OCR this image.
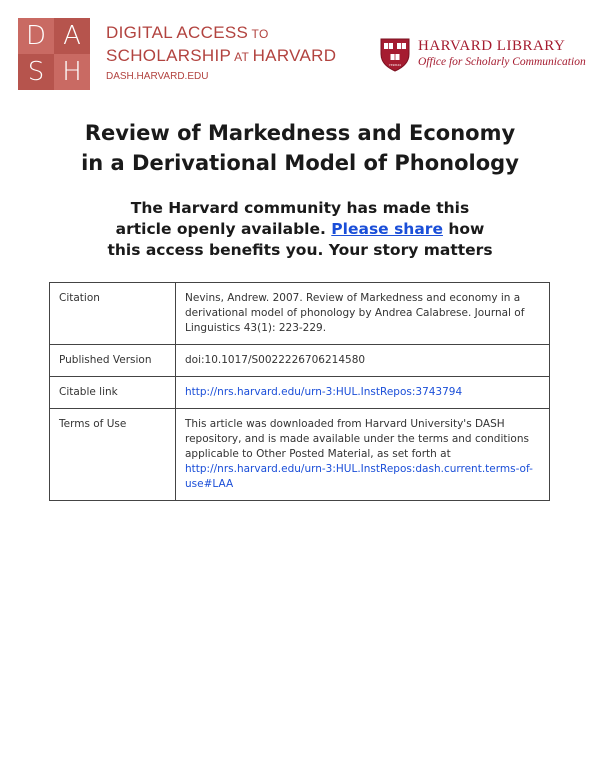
D A
S H
DIGITAL ACCESS TO
SCHOLARSHIP AT HARVARD
DASH.HARVARD.EDU
VERITAS
HARVARD LIBRARY
Office for Scholarly Communication
Review of Markedness and Economy
in a Derivational Model of Phonology
The Harvard community has made this
article openly available. Please share how
this access benefits you. Your story matters
Citation	Nevins, Andrew. 2007. Review of Markedness and economy in a derivational model of phonology by Andrea Calabrese. Journal of Linguistics 43(1): 223-229.
Published Version	doi:10.1017/S0022226706214580
Citable link	http://nrs.harvard.edu/urn-3:HUL.InstRepos:3743794
Terms of Use	This article was downloaded from Harvard University's DASH repository, and is made available under the terms and conditions applicable to Other Posted Material, as set forth at http://nrs.harvard.edu/urn-3:HUL.InstRepos:dash.current.terms-of-use#LAA
